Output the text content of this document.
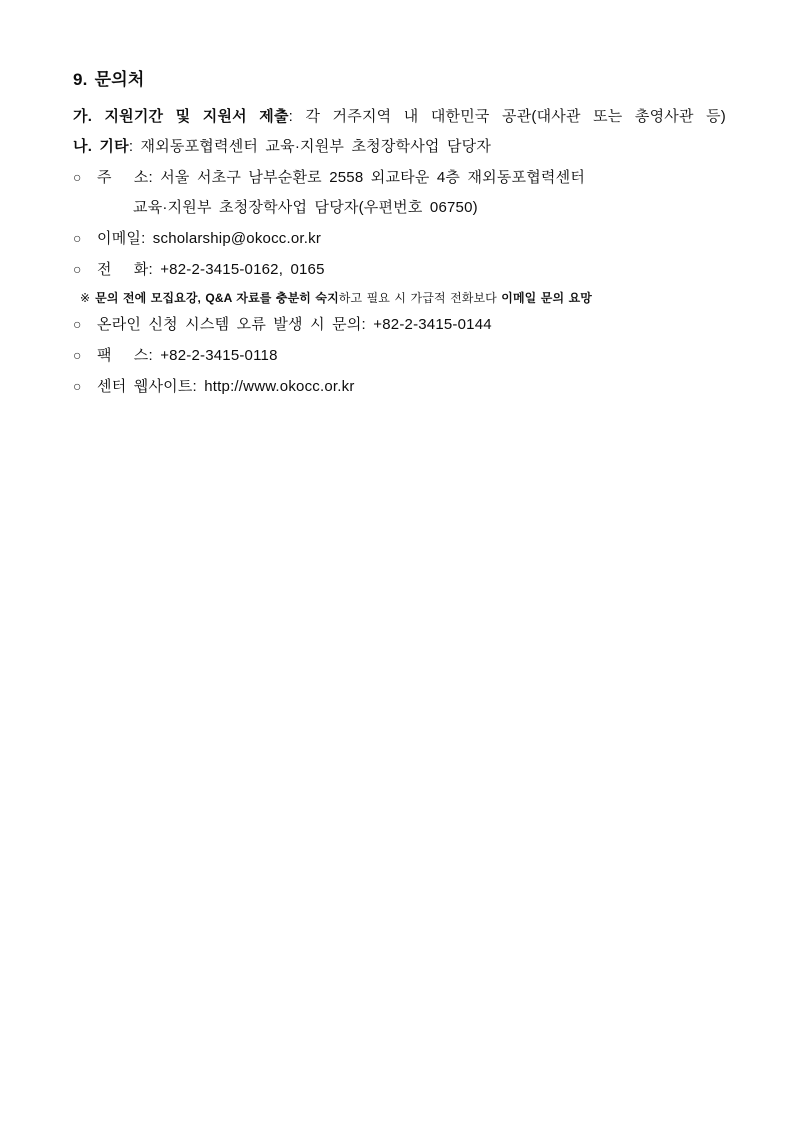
9. 문의처

가. 지원기간 및 지원서 제출: 각 거주지역 내 대한민국 공관(대사관 또는 총영사관 등)

나. 기타: 재외동포협력센터 교육·지원부 초청장학사업 담당자

○ 주   소: 서울 서초구 남부순환로 2558 외교타운 4층 재외동포협력센터

교육·지원부 초청장학사업 담당자(우편번호 06750)

○ 이메일: scholarship@okocc.or.kr

○ 전   화: +82-2-3415-0162, 0165

※ 문의 전에 모집요강, Q&A 자료를 충분히 숙지하고 필요 시 가급적 전화보다 이메일 문의 요망

○ 온라인 신청 시스템 오류 발생 시 문의: +82-2-3415-0144

○ 팩   스: +82-2-3415-0118

○ 센터 웹사이트: http://www.okocc.or.kr
